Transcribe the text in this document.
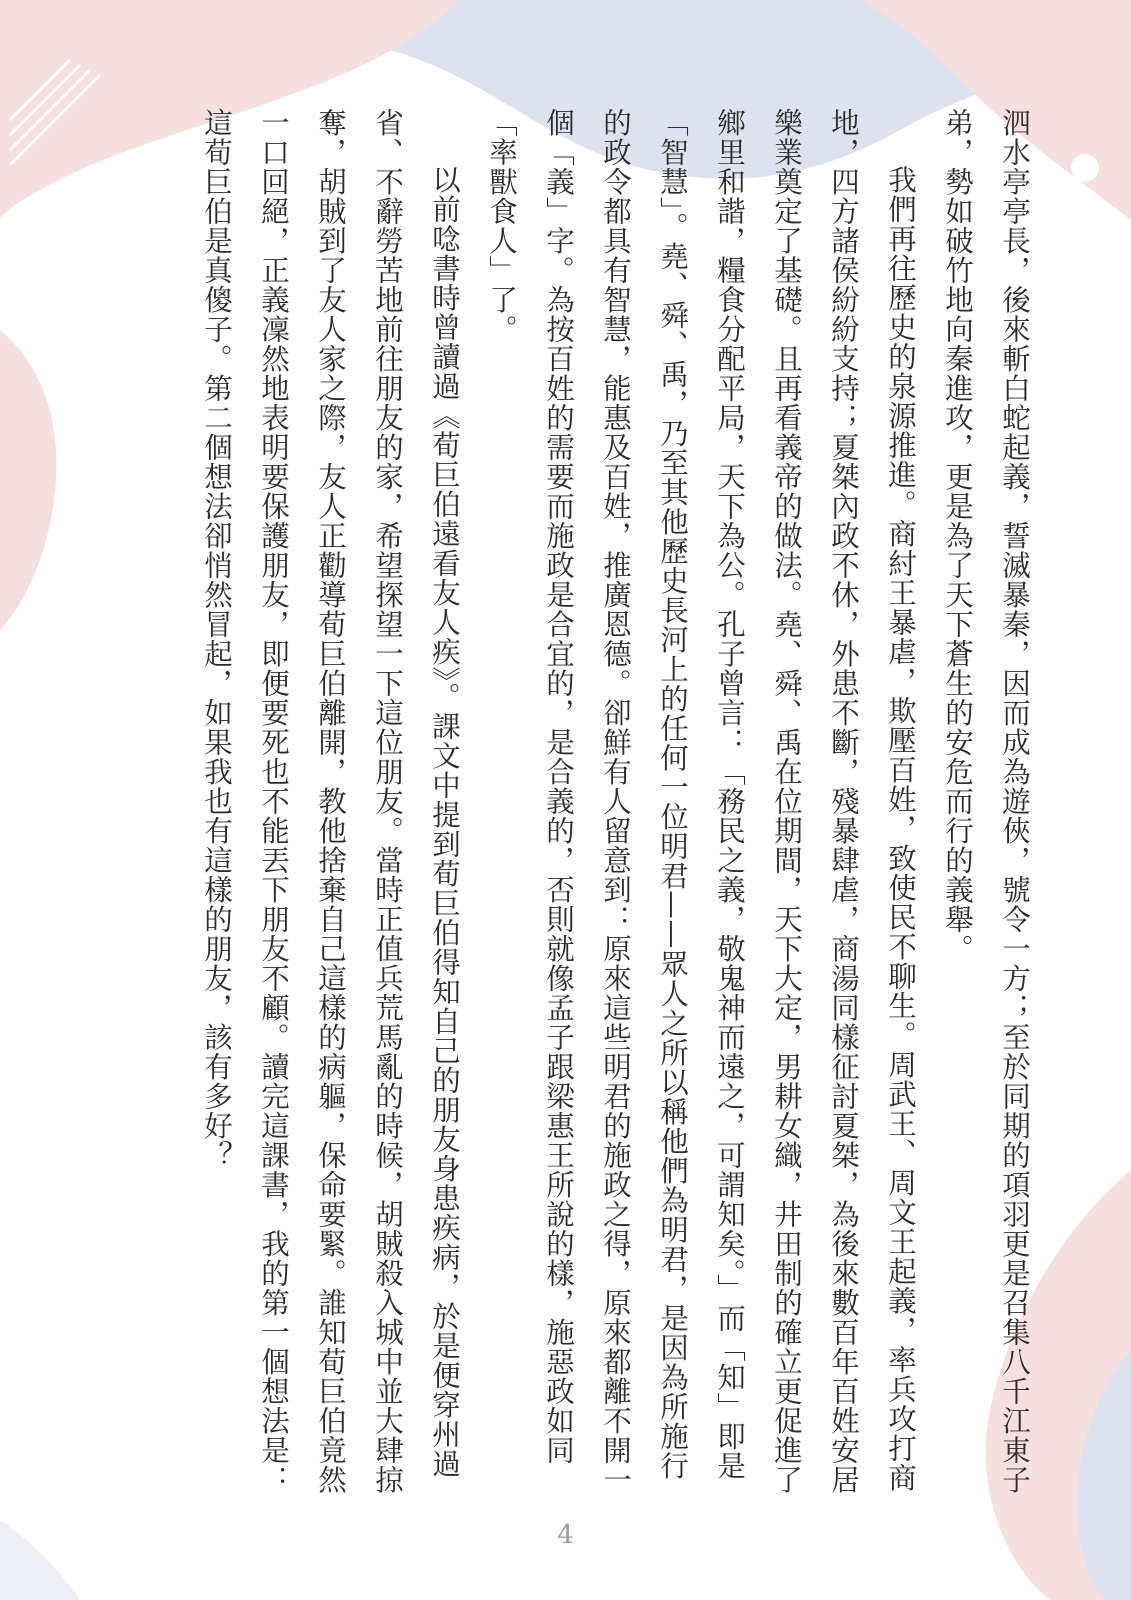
泗水亭亭長，後來斬白蛇起義，誓滅暴秦，因而成為遊俠，號令一方；至於同期的項羽更是召集八千江東子弟，勢如破竹地向秦進攻，更是為了天下蒼生的安危而行的義舉。

我們再往歷史的泉源推進。商紂王暴虐，欺壓百姓，致使民不聊生。周武王、周文王起義，率兵攻打商地，四方諸侯紛紛支持；夏桀內政不休，外患不斷，殘暴肆虐，商湯同樣征討夏桀，為後來數百年百姓安居樂業奠定了基礎。且再看義帝的做法。堯、舜、禹在位期間，天下大定，男耕女織，井田制的確立更促進了鄉里和諧，糧食分配平局，天下為公。孔子曾言：「務民之義，敬鬼神而遠之，可謂知矣。」而「知」即是「智慧」。堯、舜、禹，乃至其他歷史長河上的任何一位明君——眾人之所以稱他們為明君，是因為所施行的政令都具有智慧，能惠及百姓，推廣恩德。卻鮮有人留意到：原來這些明君的施政之得，原來都離不開一個「義」字。為按百姓的需要而施政是合宜的，是合義的，否則就像孟子跟梁惠王所說的樣，施惡政如同「率獸食人」了。

以前唸書時曾讀過《荀巨伯遠看友人疾》。課文中提到荀巨伯得知自己的朋友身患疾病，於是便穿州過省、不辭勞苦地前往朋友的家，希望探望一下這位朋友。當時正值兵荒馬亂的時候，胡賊殺入城中並大肆掠奪，胡賊到了友人家之際，友人正勸導荀巨伯離開，教他捨棄自己這樣的病軀，保命要緊。誰知荀巨伯竟然一口回絕，正義凜然地表明要保護朋友，即便要死也不能丟下朋友不顧。讀完這課書，我的第一個想法是：這荀巨伯是真傻子。第二個想法卻悄然冒起，如果我也有這樣的朋友，該有多好？

4
